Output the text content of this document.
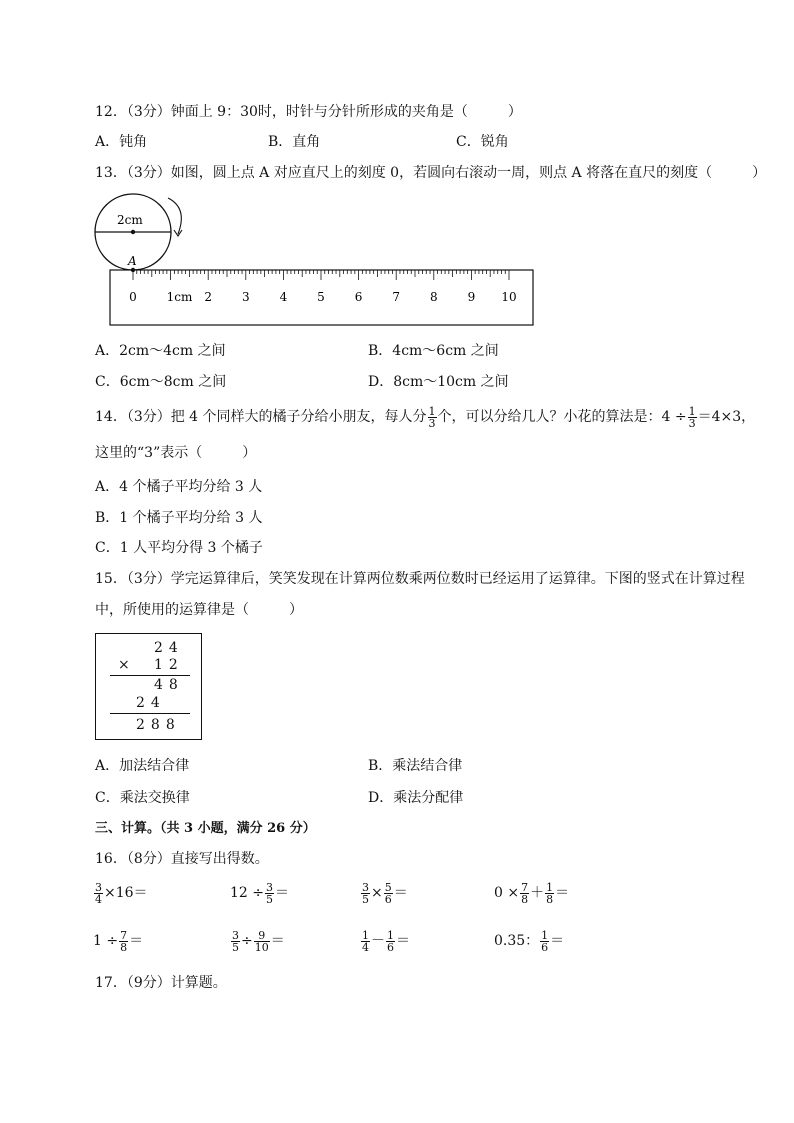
12．（3分）钟面上 9：30时，时针与分针所形成的夹角是（	）
A．钝角	B．直角	C．锐角
13．（3分）如图，圆上点 A 对应直尺上的刻度 0，若圆向右滚动一周，则点 A 将落在直尺的刻度（	）
2cm
A
0 1cm 2 3 4 5 6 7 8 9 10
A．2cm～4cm 之间	B．4cm～6cm 之间
C．6cm～8cm 之间	D．8cm～10cm 之间
14．（3分）把 4 个同样大的橘子分给小朋友，每人分 $\frac{1}{3}$ 个，可以分给几人？小花的算法是：$4 \div \frac{1}{3} =4\times 3$，
这里的“3”表示（	）
A．4 个橘子平均分给 3 人
B．1 个橘子平均分给 3 人
C．1 人平均分得 3 个橘子
15．（3分）学完运算律后，笑笑发现在计算两位数乘两位数时已经运用了运算律。下图的竖式在计算过程
中，所使用的运算律是（	）
24
×	12
48
24
288
A．加法结合律	B．乘法结合律
C．乘法交换律	D．乘法分配律
三、计算。（共 3 小题，满分 26 分）
16．（8分）直接写出得数。
$\frac{3}{4} \times 16=$	$12 \div \frac{3}{5}$ ＝	$\frac{3}{5} \times \frac{5}{6}$ ＝	$0 \times \frac{7}{8} + \frac{1}{8}$ ＝
$1 \div \frac{7}{8}$ ＝	$\frac{3}{5} \div \frac{9}{10}$ ＝	$\frac{1}{4} - \frac{1}{6}$ ＝	0.35： $\frac{1}{6}$ ＝
17．（9分）计算题。
